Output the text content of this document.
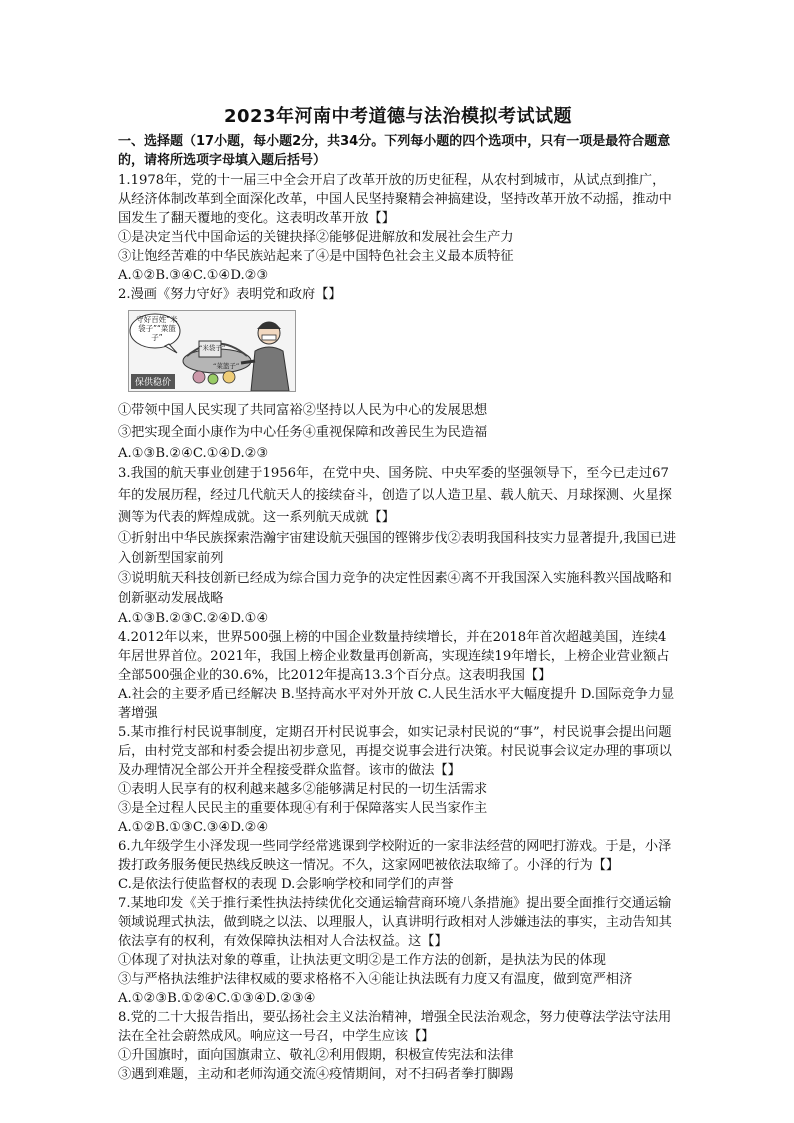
2023年河南中考道德与法治模拟考试试题
一、选择题（17小题，每小题2分，共34分。下列每小题的四个选项中，只有一项是最符合题意的，请将所选项字母填入题后括号）
1.1978年，党的十一届三中全会开启了改革开放的历史征程，从农村到城市，从试点到推广，从经济体制改革到全面深化改革，中国人民坚持聚精会神搞建设，坚持改革开放不动摇，推动中国发生了翻天覆地的变化。这表明改革开放【】
①是决定当代中国命运的关键抉择②能够促进解放和发展社会生产力
③让饱经苦难的中华民族站起来了④是中国特色社会主义最本质特征
A.①②B.③④C.①④D.②③
2.漫画《努力守好》表明党和政府【】
守好百姓“米袋子”“菜篮子”
“米袋子”
“菜篮子”
保供稳价
①带领中国人民实现了共同富裕②坚持以人民为中心的发展思想
③把实现全面小康作为中心任务④重视保障和改善民生为民造福
A.①③B.②④C.①④D.②③
3.我国的航天事业创建于1956年，在党中央、国务院、中央军委的坚强领导下，至今已走过67年的发展历程，经过几代航天人的接续奋斗，创造了以人造卫星、载人航天、月球探测、火星探测等为代表的辉煌成就。这一系列航天成就【】
①折射出中华民族探索浩瀚宇宙建设航天强国的铿锵步伐②表明我国科技实力显著提升,我国已进入创新型国家前列
③说明航天科技创新已经成为综合国力竞争的决定性因素④离不开我国深入实施科教兴国战略和创新驱动发展战略
A.①③B.②③C.②④D.①④
4.2012年以来，世界500强上榜的中国企业数量持续增长，并在2018年首次超越美国，连续4年居世界首位。2021年，我国上榜企业数量再创新高，实现连续19年增长，上榜企业营业额占全部500强企业的30.6%，比2012年提高13.3个百分点。这表明我国【】
A.社会的主要矛盾已经解决 B.坚持高水平对外开放 C.人民生活水平大幅度提升 D.国际竞争力显著增强
5.某市推行村民说事制度，定期召开村民说事会，如实记录村民说的“事”，村民说事会提出问题后，由村党支部和村委会提出初步意见，再提交说事会进行决策。村民说事会议定办理的事项以及办理情况全部公开并全程接受群众监督。该市的做法【】
①表明人民享有的权利越来越多②能够满足村民的一切生活需求
③是全过程人民民主的重要体现④有利于保障落实人民当家作主
A.①②B.①③C.③④D.②④
6.九年级学生小泽发现一些同学经常逃课到学校附近的一家非法经营的网吧打游戏。于是，小泽拨打政务服务便民热线反映这一情况。不久，这家网吧被依法取缔了。小泽的行为【】
C.是依法行使监督权的表现 D.会影响学校和同学们的声誉
7.某地印发《关于推行柔性执法持续优化交通运输营商环境八条措施》提出要全面推行交通运输领域说理式执法，做到晓之以法、以理服人，认真讲明行政相对人涉嫌违法的事实，主动告知其依法享有的权利，有效保障执法相对人合法权益。这【】
①体现了对执法对象的尊重，让执法更文明②是工作方法的创新，是执法为民的体现
③与严格执法维护法律权威的要求格格不入④能让执法既有力度又有温度，做到宽严相济
A.①②③B.①②④C.①③④D.②③④
8.党的二十大报告指出，要弘扬社会主义法治精神，增强全民法治观念，努力使尊法学法守法用法在全社会蔚然成风。响应这一号召，中学生应该【】
①升国旗时，面向国旗肃立、敬礼②利用假期，积极宣传宪法和法律
③遇到难题，主动和老师沟通交流④疫情期间，对不扫码者拳打脚踢
